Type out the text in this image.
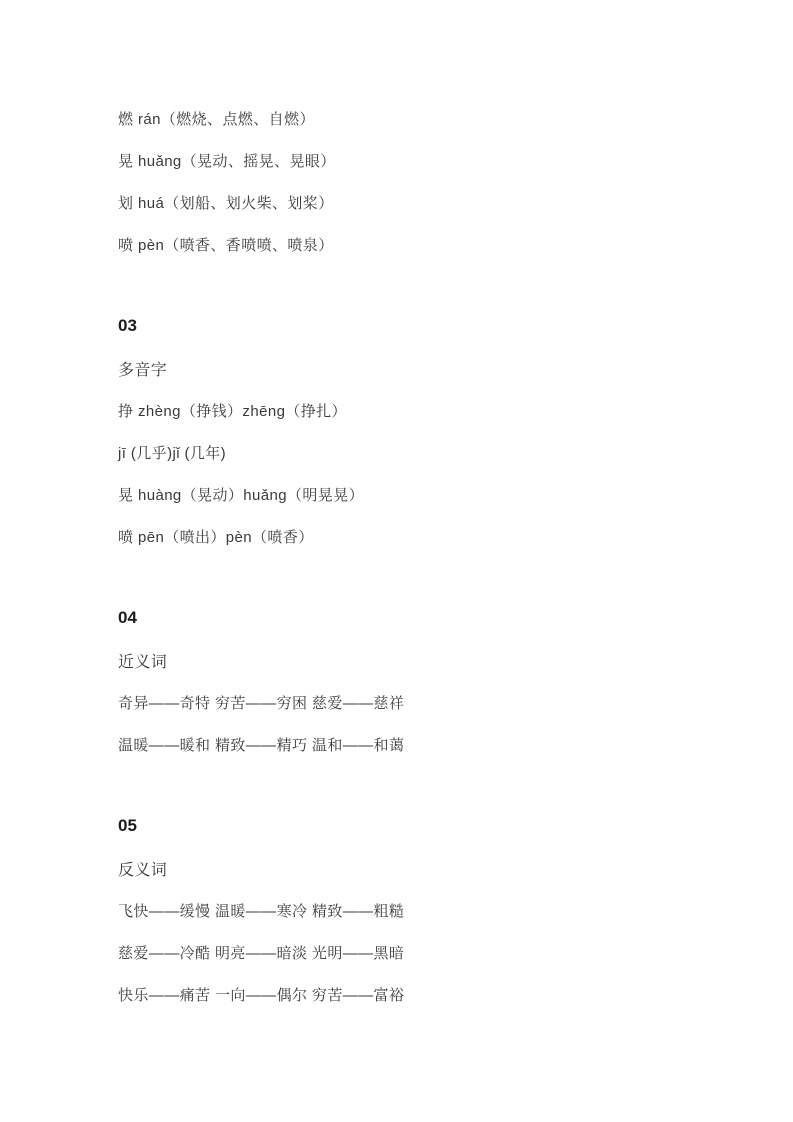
燃 rán（燃烧、点燃、自燃）

晃 huǎng（晃动、摇晃、晃眼）

划 huá（划船、划火柴、划桨）

喷 pèn（喷香、香喷喷、喷泉）

03

多音字

挣 zhèng（挣钱）zhēng（挣扎）

jī (几乎)jǐ (几年)

晃 huàng（晃动）huǎng（明晃晃）

喷 pēn（喷出）pèn（喷香）

04

近义词

奇异——奇特 穷苦——穷困 慈爱——慈祥

温暖——暖和 精致——精巧 温和——和蔼

05

反义词

飞快——缓慢 温暖——寒冷 精致——粗糙

慈爱——冷酷 明亮——暗淡 光明——黑暗

快乐——痛苦 一向——偶尔 穷苦——富裕
